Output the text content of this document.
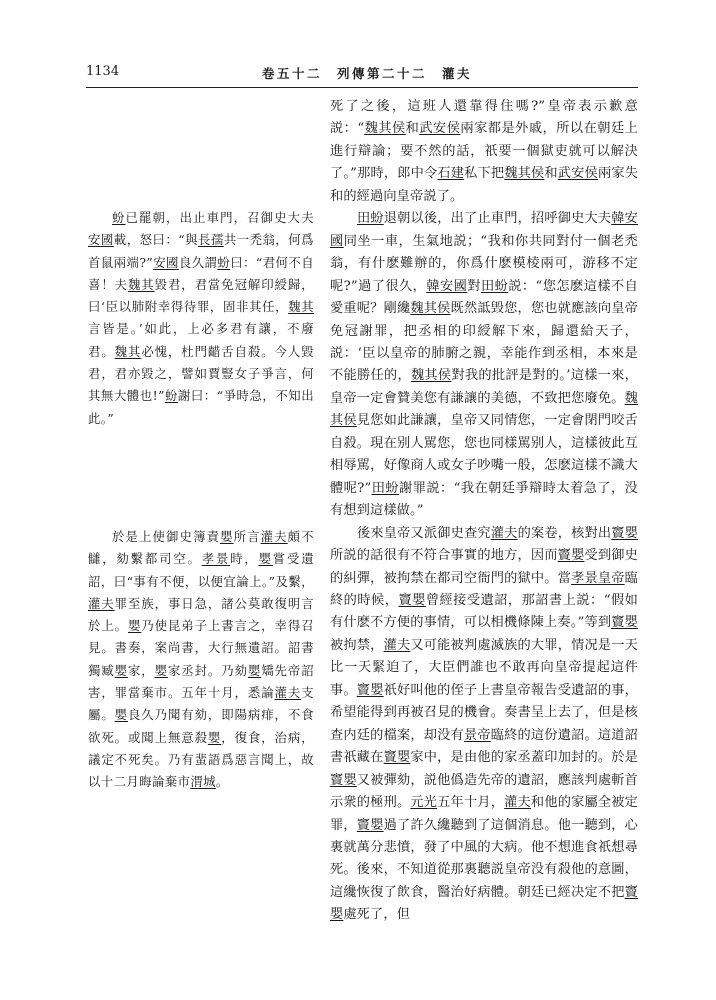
1134	卷五十二　列傳第二十二　灌夫

蚡已罷朝，出止車門，召御史大夫安國載，怒曰：“與長孺共一禿翁，何爲首鼠兩端?”安國良久謂蚡曰：“君何不自喜！夫魏其毀君，君當免冠解印綬歸，曰‘臣以肺附幸得待罪，固非其任，魏其言皆是。’如此，上必多君有讓，不廢君。魏其必愧，杜門齰舌自殺。今人毀君，君亦毀之，譬如賈豎女子爭言，何其無大體也!”蚡謝曰：“爭時急，不知出此。”

於是上使御史簿責嬰所言灌夫頗不讎，劾繫都司空。孝景時，嬰嘗受遺詔，曰“事有不便，以便宜論上。”及繫，灌夫罪至族，事日急，諸公莫敢復明言於上。嬰乃使昆弟子上書言之，幸得召見。書奏，案尚書，大行無遺詔。詔書獨臧嬰家，嬰家丞封。乃劾嬰矯先帝詔害，罪當棄市。五年十月，悉論灌夫支屬。嬰良久乃聞有劾，即陽病痱，不食欲死。或聞上無意殺嬰，復食，治病，議定不死矣。乃有蜚語爲惡言聞上，故以十二月晦論棄市渭城。

死了之後，這班人還靠得住嗎?”皇帝表示歉意説：“魏其侯和武安侯兩家都是外戚，所以在朝廷上進行辯論；要不然的話，祇要一個獄吏就可以解決了。”那時，郎中令石建私下把魏其侯和武安侯兩家失和的經過向皇帝説了。

田蚡退朝以後，出了止車門，招呼御史大夫韓安國同坐一車，生氣地説；“我和你共同對付一個老禿翁，有什麽難辦的，你爲什麽模棱兩可，游移不定呢?”過了很久，韓安國對田蚡説：“您怎麽這樣不自愛重呢？剛纔魏其侯既然詆毁您，您也就應該向皇帝免冠謝罪，把丞相的印綬解下來，歸還給天子，説：‘臣以皇帝的肺腑之親，幸能作到丞相，本來是不能勝任的，魏其侯對我的批評是對的。’這樣一來，皇帝一定會贊美您有謙讓的美德，不致把您廢免。魏其侯見您如此謙讓，皇帝又同情您，一定會閉門咬舌自殺。現在别人駡您，您也同樣駡别人，這樣彼此互相辱駡，好像商人或女子吵嘴一般，怎麽這樣不識大體呢?”田蚡謝罪説：“我在朝廷爭辯時太着急了，没有想到這樣做。”

後來皇帝又派御史查究灌夫的案卷，核對出竇嬰所説的話很有不符合事實的地方，因而竇嬰受到御史的糾彈，被拘禁在都司空衙門的獄中。當孝景皇帝臨終的時候，竇嬰曾經接受遺詔，那詔書上説：“假如有什麽不方便的事情，可以相機條陳上奏。”等到竇嬰被拘禁，灌夫又可能被判處滅族的大罪，情况是一天比一天緊迫了，大臣們誰也不敢再向皇帝提起這件事。竇嬰祇好叫他的侄子上書皇帝報告受遺詔的事，希望能得到再被召見的機會。奏書呈上去了，但是核查内廷的檔案，却没有景帝臨終的這份遺詔。這道詔書祇藏在竇嬰家中，是由他的家丞蓋印加封的。於是竇嬰又被彈劾，説他僞造先帝的遺詔，應該判處斬首示衆的極刑。元光五年十月，灌夫和他的家屬全被定罪，竇嬰過了許久纔聽到了這個消息。他一聽到，心裏就萬分悲憤，發了中風的大病。他不想進食祇想尋死。後來，不知道從那裏聽説皇帝没有殺他的意圖，這纔恢復了飲食，醫治好病體。朝廷已經决定不把竇嬰處死了，但
